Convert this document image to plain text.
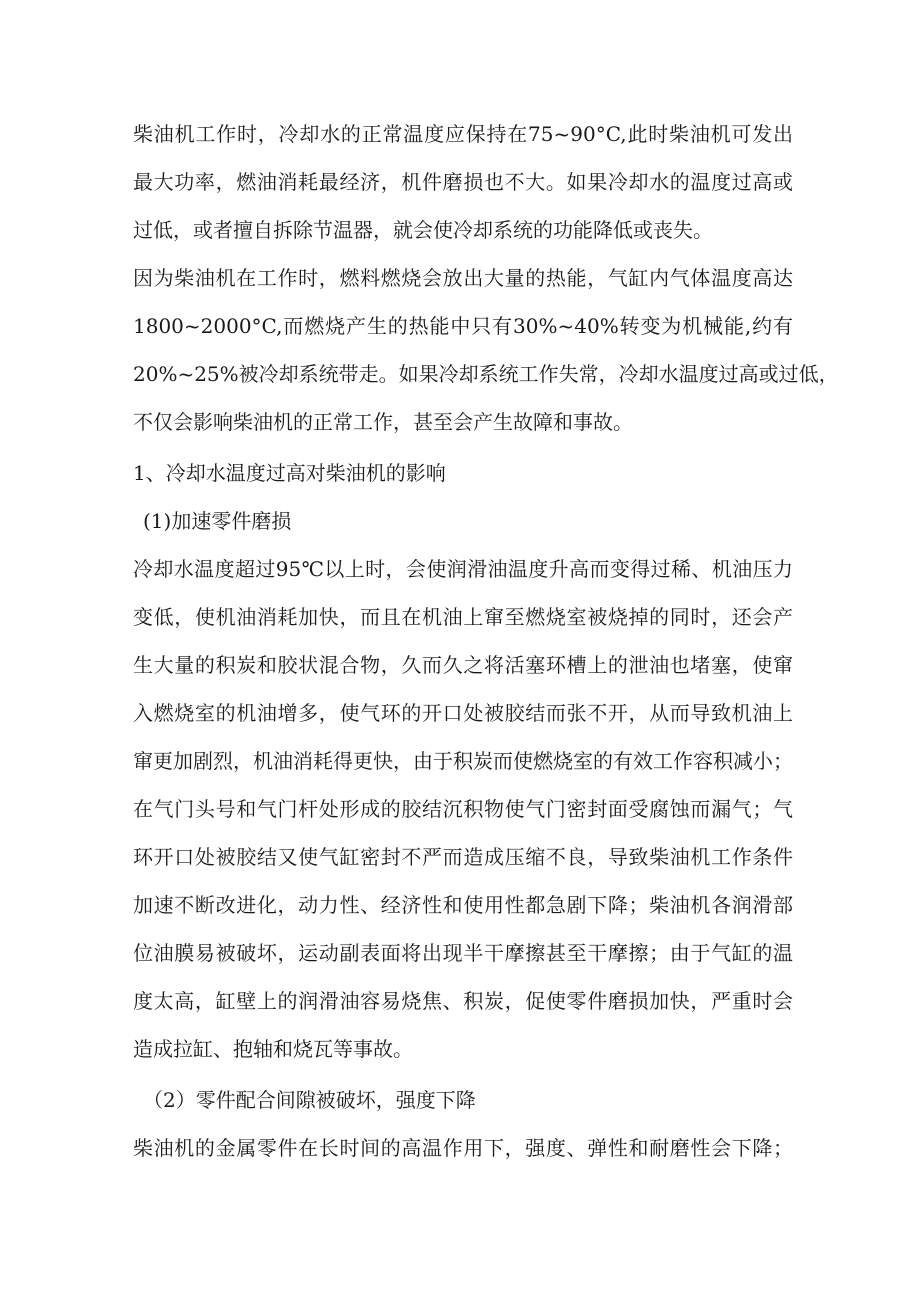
柴油机工作时，冷却水的正常温度应保持在75~90°C,此时柴油机可发出
最大功率，燃油消耗最经济，机件磨损也不大。如果冷却水的温度过高或
过低，或者擅自拆除节温器，就会使冷却系统的功能降低或丧失。
因为柴油机在工作时，燃料燃烧会放出大量的热能，气缸内气体温度高达
1800~2000°C,而燃烧产生的热能中只有30%~40%转变为机械能,约有
20%~25%被冷却系统带走。如果冷却系统工作失常，冷却水温度过高或过低，
不仅会影响柴油机的正常工作，甚至会产生故障和事故。
1、冷却水温度过高对柴油机的影响
(1)加速零件磨损
冷却水温度超过95℃以上时，会使润滑油温度升高而变得过稀、机油压力
变低，使机油消耗加快，而且在机油上窜至燃烧室被烧掉的同时，还会产
生大量的积炭和胶状混合物，久而久之将活塞环槽上的泄油也堵塞，使窜
入燃烧室的机油增多，使气环的开口处被胶结而张不开，从而导致机油上
窜更加剧烈，机油消耗得更快，由于积炭而使燃烧室的有效工作容积减小；
在气门头号和气门杆处形成的胶结沉积物使气门密封面受腐蚀而漏气；气
环开口处被胶结又使气缸密封不严而造成压缩不良，导致柴油机工作条件
加速不断改进化，动力性、经济性和使用性都急剧下降；柴油机各润滑部
位油膜易被破坏，运动副表面将出现半干摩擦甚至干摩擦；由于气缸的温
度太高，缸壁上的润滑油容易烧焦、积炭，促使零件磨损加快，严重时会
造成拉缸、抱轴和烧瓦等事故。
（2）零件配合间隙被破坏，强度下降
柴油机的金属零件在长时间的高温作用下，强度、弹性和耐磨性会下降；
